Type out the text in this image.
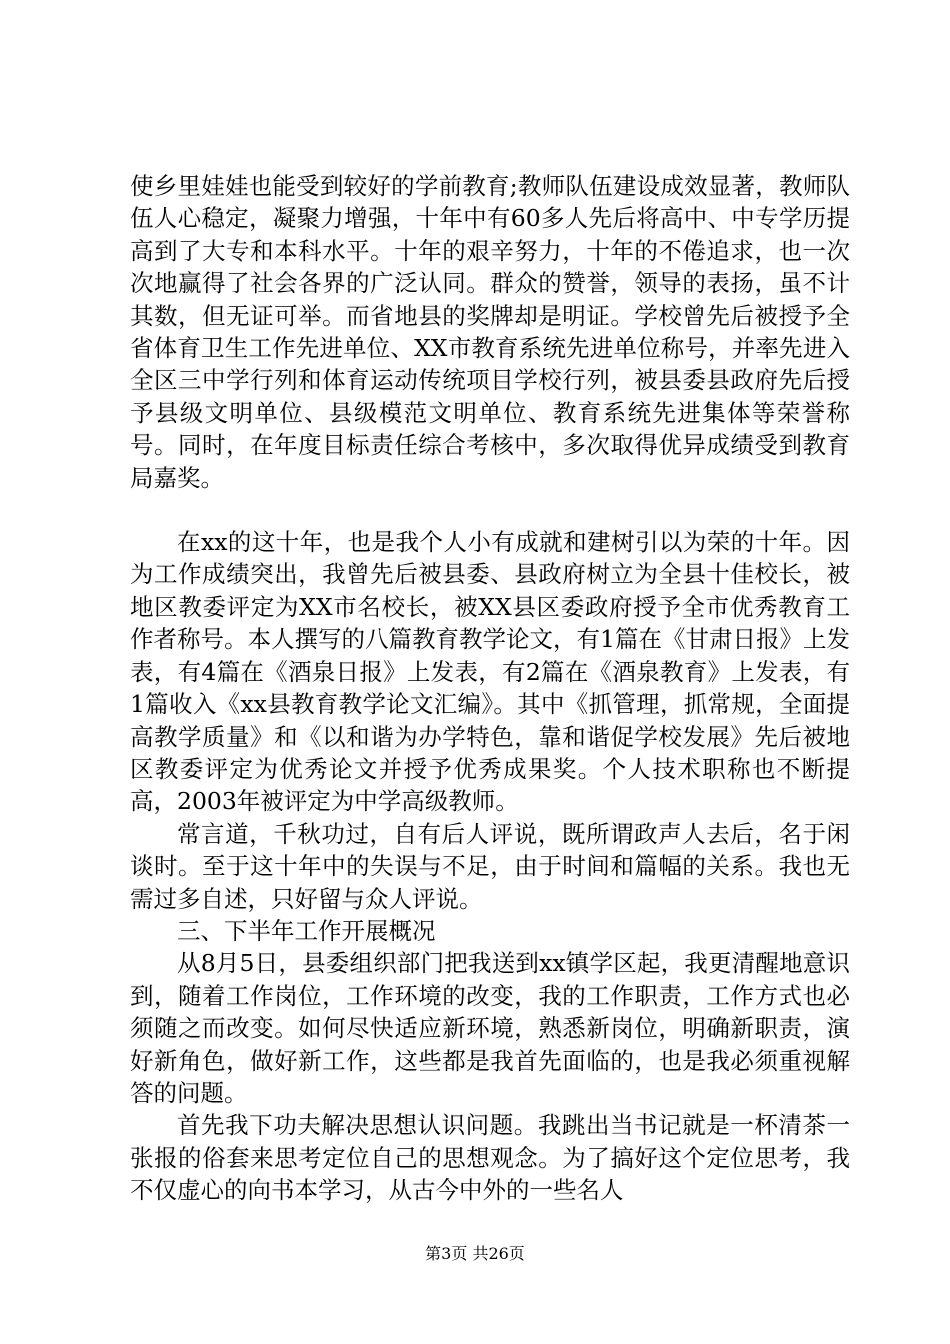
使乡里娃娃也能受到较好的学前教育;教师队伍建设成效显著，教师队伍人心稳定，凝聚力增强，十年中有60多人先后将高中、中专学历提高到了大专和本科水平。十年的艰辛努力，十年的不倦追求，也一次次地赢得了社会各界的广泛认同。群众的赞誉，领导的表扬，虽不计其数，但无证可举。而省地县的奖牌却是明证。学校曾先后被授予全省体育卫生工作先进单位、XX市教育系统先进单位称号，并率先进入全区三中学行列和体育运动传统项目学校行列，被县委县政府先后授予县级文明单位、县级模范文明单位、教育系统先进集体等荣誉称号。同时，在年度目标责任综合考核中，多次取得优异成绩受到教育局嘉奖。

在xx的这十年，也是我个人小有成就和建树引以为荣的十年。因为工作成绩突出，我曾先后被县委、县政府树立为全县十佳校长，被地区教委评定为XX市名校长，被XX县区委政府授予全市优秀教育工作者称号。本人撰写的八篇教育教学论文，有1篇在《甘肃日报》上发表，有4篇在《酒泉日报》上发表，有2篇在《酒泉教育》上发表，有1篇收入《xx县教育教学论文汇编》。其中《抓管理，抓常规，全面提高教学质量》和《以和谐为办学特色，靠和谐促学校发展》先后被地区教委评定为优秀论文并授予优秀成果奖。个人技术职称也不断提高，2003年被评定为中学高级教师。

常言道，千秋功过，自有后人评说，既所谓政声人去后，名于闲谈时。至于这十年中的失误与不足，由于时间和篇幅的关系。我也无需过多自述，只好留与众人评说。

三、下半年工作开展概况

从8月5日，县委组织部门把我送到xx镇学区起，我更清醒地意识到，随着工作岗位，工作环境的改变，我的工作职责，工作方式也必须随之而改变。如何尽快适应新环境，熟悉新岗位，明确新职责，演好新角色，做好新工作，这些都是我首先面临的，也是我必须重视解答的问题。

首先我下功夫解决思想认识问题。我跳出当书记就是一杯清茶一张报的俗套来思考定位自己的思想观念。为了搞好这个定位思考，我不仅虚心的向书本学习，从古今中外的一些名人

第3页 共26页
